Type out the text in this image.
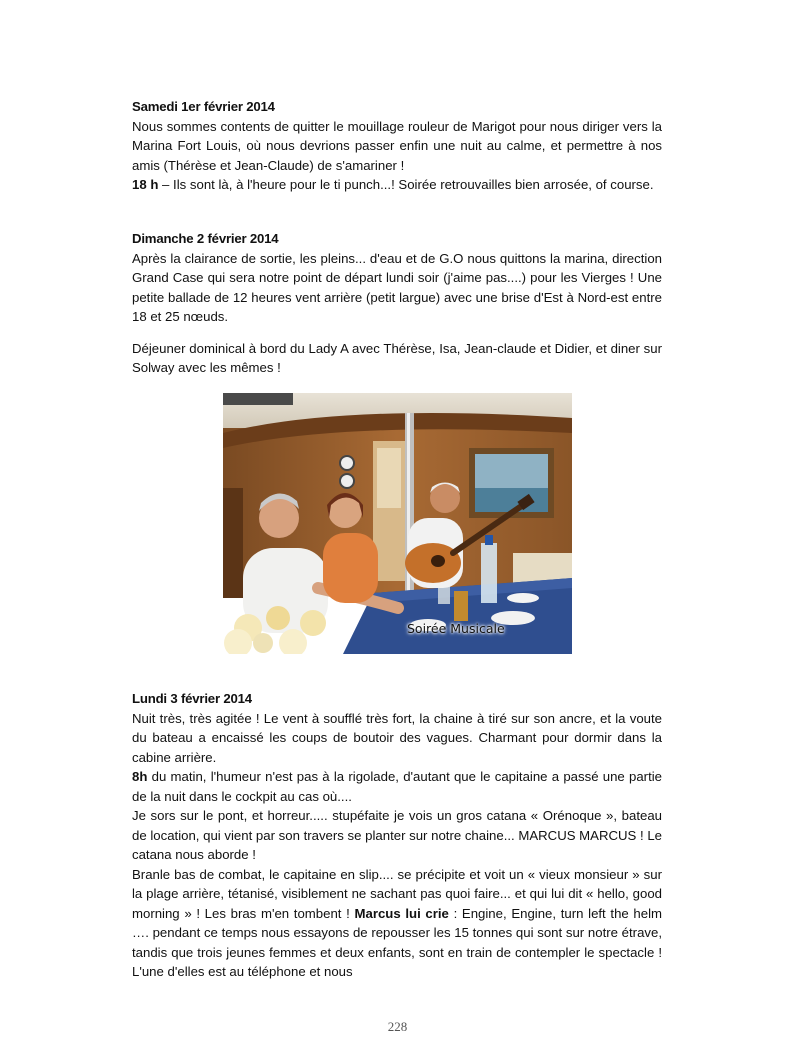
Samedi 1er février 2014

Nous sommes contents de quitter le mouillage rouleur de Marigot pour nous diriger vers la Marina Fort Louis, où nous devrions passer enfin une nuit au calme, et permettre à nos amis (Thérèse et Jean-Claude) de s'amariner !

18 h – Ils sont là, à l'heure pour le ti punch...! Soirée retrouvailles bien arrosée, of course.

Dimanche 2 février 2014

Après la clairance de sortie, les pleins... d'eau et de G.O nous quittons la marina, direction Grand Case qui sera notre point de départ lundi soir (j'aime pas....) pour les Vierges ! Une petite ballade de 12 heures vent arrière (petit largue) avec une brise d'Est à Nord-est entre 18 et 25 nœuds.

Déjeuner dominical à bord du Lady A avec Thérèse, Isa, Jean-claude et Didier, et diner sur Solway avec les mêmes !

Soirée Musicale

Lundi 3 février 2014

Nuit très, très agitée ! Le vent à soufflé très fort, la chaine à tiré sur son ancre, et la voute du bateau a encaissé les coups de boutoir des vagues. Charmant pour dormir dans la cabine arrière.

8h du matin, l'humeur n'est pas à la rigolade, d'autant que le capitaine a passé une partie de la nuit dans le cockpit au cas où....

Je sors sur le pont, et horreur..... stupéfaite je vois un gros catana « Orénoque », bateau de location, qui vient par son travers se planter sur notre chaine... MARCUS MARCUS ! Le catana nous aborde !

Branle bas de combat, le capitaine en slip.... se précipite et voit un « vieux monsieur » sur la plage arrière, tétanisé, visiblement ne sachant pas quoi faire... et qui lui dit « hello, good morning » ! Les bras m'en tombent ! Marcus lui crie : Engine, Engine, turn left the helm …. pendant ce temps nous essayons de repousser les 15 tonnes qui sont sur notre étrave, tandis que trois jeunes femmes et deux enfants, sont en train de contempler le spectacle ! L'une d'elles est au téléphone et nous

228
